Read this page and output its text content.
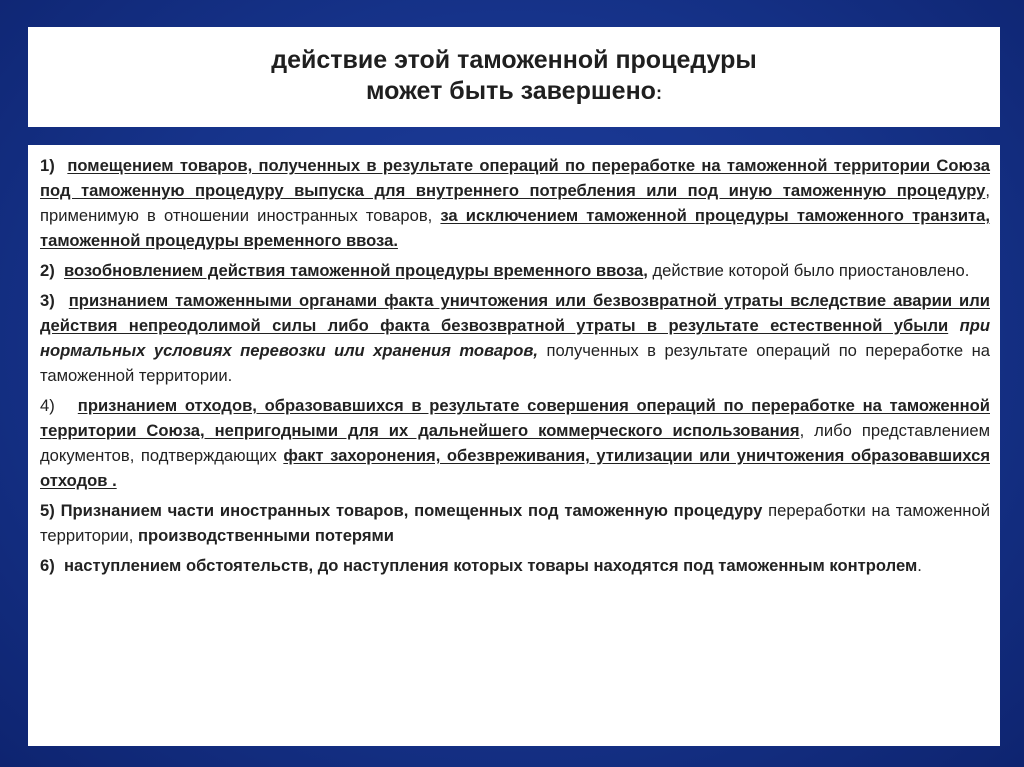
действие этой таможенной процедуры
может быть завершено:

1) помещением товаров, полученных в результате операций по переработке на таможенной территории Союза под таможенную процедуру выпуска для внутреннего потребления или под иную таможенную процедуру, применимую в отношении иностранных товаров, за исключением таможенной процедуры таможенного транзита, таможенной процедуры временного ввоза.

2) возобновлением действия таможенной процедуры временного ввоза, действие которой было приостановлено.

3) признанием таможенными органами факта уничтожения или безвозвратной утраты вследствие аварии или действия непреодолимой силы либо факта безвозвратной утраты в результате естественной убыли при нормальных условиях перевозки или хранения товаров, полученных в результате операций по переработке на таможенной территории.

4) признанием отходов, образовавшихся в результате совершения операций по переработке на таможенной территории Союза, непригодными для их дальнейшего коммерческого использования, либо представлением документов, подтверждающих факт захоронения, обезвреживания, утилизации или уничтожения образовавшихся отходов .

5) Признанием части иностранных товаров, помещенных под таможенную процедуру переработки на таможенной территории, производственными потерями

6) наступлением обстоятельств, до наступления которых товары находятся под таможенным контролем.
